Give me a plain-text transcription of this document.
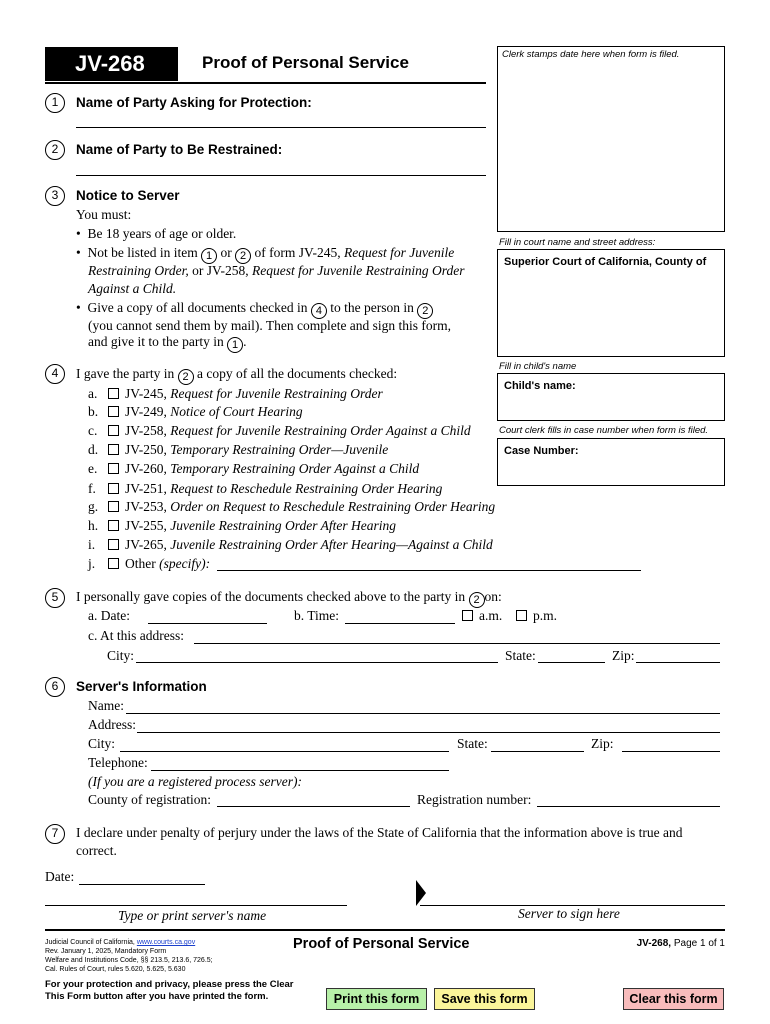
JV-268	Proof of Personal Service	Clerk stamps date here when form is filed.
Fill in court name and street address:
Superior Court of California, County of
Fill in child's name
Child's name:
Court clerk fills in case number when form is filed.
Case Number:
1	Name of Party Asking for Protection:
2	Name of Party to Be Restrained:
3	Notice to Server
You must:
•  Be 18 years of age or older.
•  Not be listed in item 1 or 2 of form JV-245, Request for Juvenile
Restraining Order, or JV-258, Request for Juvenile Restraining Order
Against a Child.
•  Give a copy of all documents checked in 4 to the person in 2
(you cannot send them by mail). Then complete and sign this form,
and give it to the party in 1 .
4	I gave the party in 2 a copy of all the documents checked:
a. JV-245, Request for Juvenile Restraining Order
b. JV-249, Notice of Court Hearing
c. JV-258, Request for Juvenile Restraining Order Against a Child
d. JV-250, Temporary Restraining Order—Juvenile
e. JV-260, Temporary Restraining Order Against a Child
f. JV-251, Request to Reschedule Restraining Order Hearing
g. JV-253, Order on Request to Reschedule Restraining Order Hearing
h. JV-255, Juvenile Restraining Order After Hearing
i. JV-265, Juvenile Restraining Order After Hearing—Against a Child
j. Other (specify):
5	I personally gave copies of the documents checked above to the party in 2 on:
a. Date:	b. Time:	a.m.	p.m.
c. At this address:
City:	State:	Zip:
6	Server's Information
Name:
Address:
City:	State:	Zip:
Telephone:
(If you are a registered process server):
County of registration:	Registration number:
7	I declare under penalty of perjury under the laws of the State of California that the information above is true and
correct.
Date:
Type or print server's name	Server to sign here
Judicial Council of California, www.courts.ca.gov
Rev. January 1, 2025, Mandatory Form
Welfare and Institutions Code, §§ 213.5, 213.6, 726.5;
Cal. Rules of Court, rules 5.620, 5.625, 5.630
Proof of Personal Service	JV-268, Page 1 of 1
For your protection and privacy, please press the Clear
This Form button after you have printed the form.	Print this form	Save this form	Clear this form
